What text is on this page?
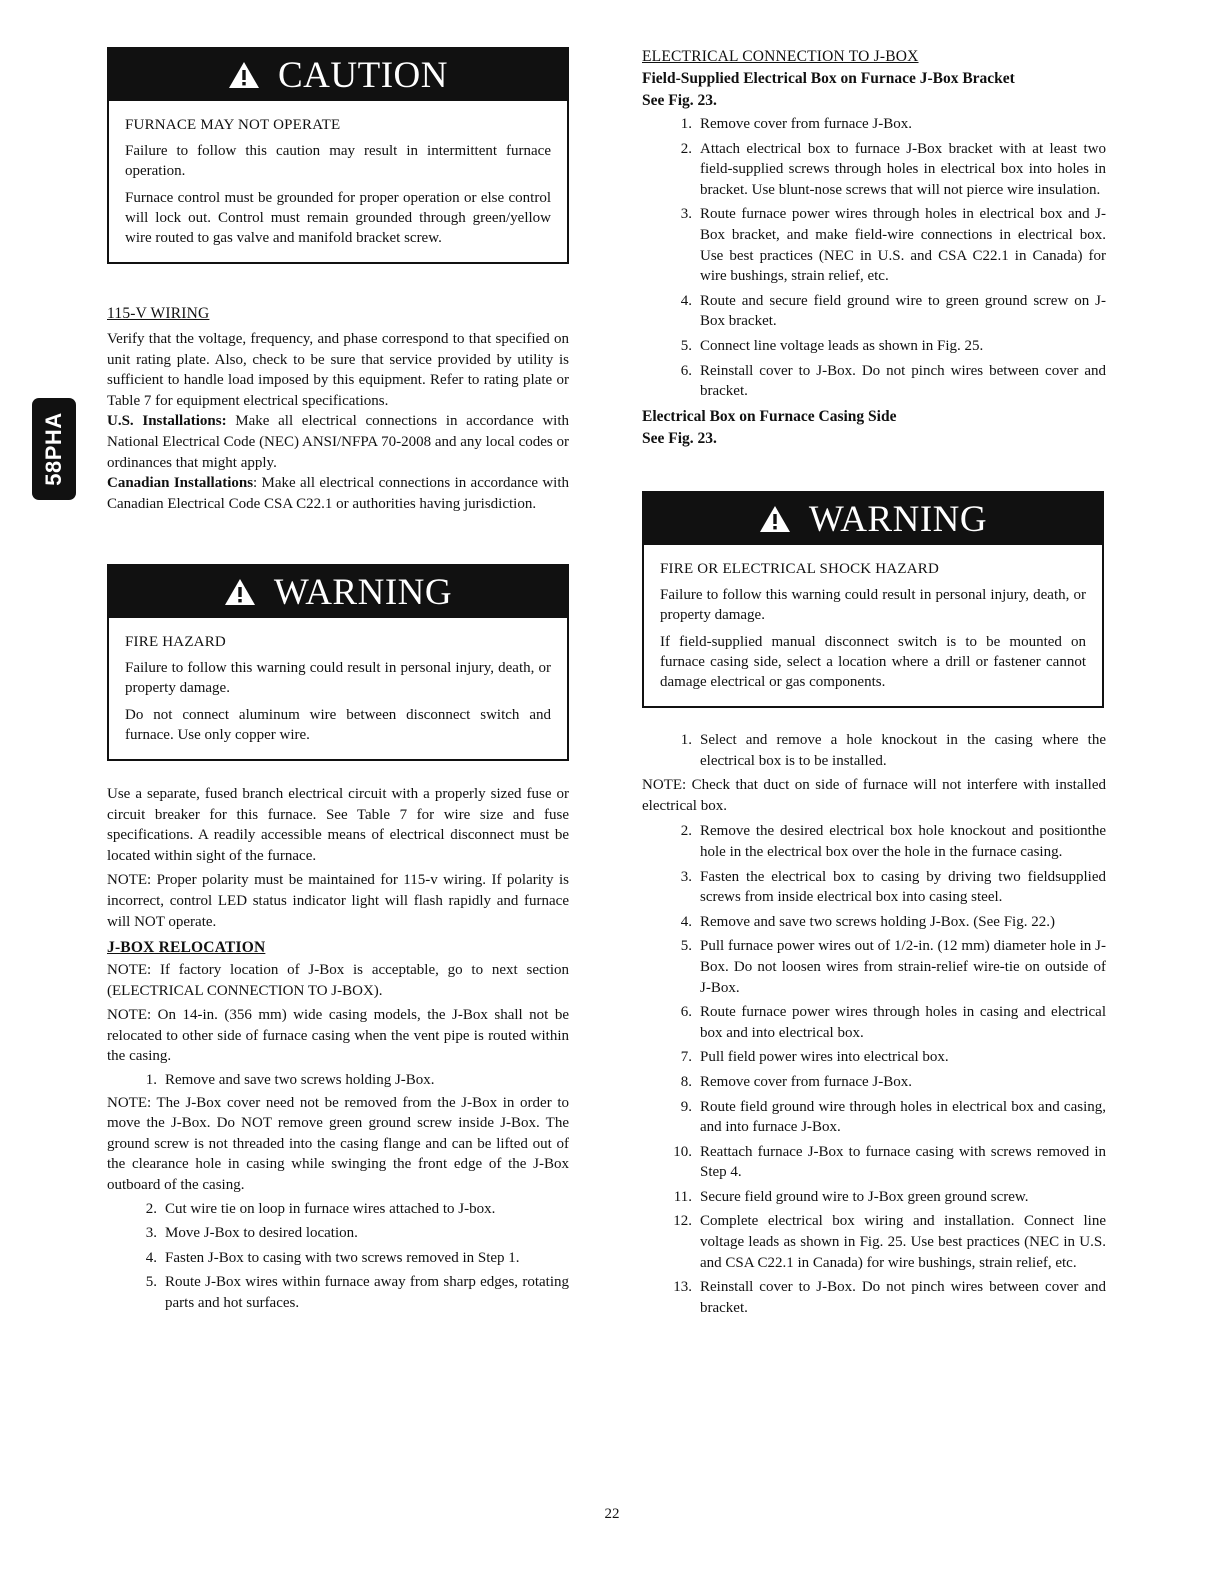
58PHA
CAUTION

FURNACE MAY NOT OPERATE

Failure to follow this caution may result in intermittent furnace operation.

Furnace control must be grounded for proper operation or else control will lock out. Control must remain grounded through green/yellow wire routed to gas valve and manifold bracket screw.

115-V WIRING

Verify that the voltage, frequency, and phase correspond to that specified on unit rating plate. Also, check to be sure that service provided by utility is sufficient to handle load imposed by this equipment. Refer to rating plate or Table 7 for equipment electrical specifications.

U.S. Installations: Make all electrical connections in accordance with National Electrical Code (NEC) ANSI/NFPA 70-2008 and any local codes or ordinances that might apply.

Canadian Installations: Make all electrical connections in accordance with Canadian Electrical Code CSA C22.1 or authorities having jurisdiction.

WARNING

FIRE HAZARD

Failure to follow this warning could result in personal injury, death, or property damage.

Do not connect aluminum wire between disconnect switch and furnace. Use only copper wire.

Use a separate, fused branch electrical circuit with a properly sized fuse or circuit breaker for this furnace. See Table 7 for wire size and fuse specifications. A readily accessible means of electrical disconnect must be located within sight of the furnace.

NOTE: Proper polarity must be maintained for 115-v wiring. If polarity is incorrect, control LED status indicator light will flash rapidly and furnace will NOT operate.

J-BOX RELOCATION

NOTE: If factory location of J-Box is acceptable, go to next section (ELECTRICAL CONNECTION TO J-BOX).

NOTE: On 14-in. (356 mm) wide casing models, the J-Box shall not be relocated to other side of furnace casing when the vent pipe is routed within the casing.

1. Remove and save two screws holding J-Box.

NOTE: The J-Box cover need not be removed from the J-Box in order to move the J-Box. Do NOT remove green ground screw inside J-Box. The ground screw is not threaded into the casing flange and can be lifted out of the clearance hole in casing while swinging the front edge of the J-Box outboard of the casing.

2. Cut wire tie on loop in furnace wires attached to J-box.
3. Move J-Box to desired location.
4. Fasten J-Box to casing with two screws removed in Step 1.
5. Route J-Box wires within furnace away from sharp edges, rotating parts and hot surfaces.

ELECTRICAL CONNECTION TO J-BOX

Field-Supplied Electrical Box on Furnace J-Box Bracket

See Fig. 23.

1. Remove cover from furnace J-Box.
2. Attach electrical box to furnace J-Box bracket with at least two field-supplied screws through holes in electrical box into holes in bracket. Use blunt-nose screws that will not pierce wire insulation.
3. Route furnace power wires through holes in electrical box and J-Box bracket, and make field-wire connections in electrical box. Use best practices (NEC in U.S. and CSA C22.1 in Canada) for wire bushings, strain relief, etc.
4. Route and secure field ground wire to green ground screw on J-Box bracket.
5. Connect line voltage leads as shown in Fig. 25.
6. Reinstall cover to J-Box. Do not pinch wires between cover and bracket.

Electrical Box on Furnace Casing Side

See Fig. 23.

WARNING

FIRE OR ELECTRICAL SHOCK HAZARD

Failure to follow this warning could result in personal injury, death, or property damage.

If field-supplied manual disconnect switch is to be mounted on furnace casing side, select a location where a drill or fastener cannot damage electrical or gas components.

1. Select and remove a hole knockout in the casing where the electrical box is to be installed.

NOTE: Check that duct on side of furnace will not interfere with installed electrical box.

2. Remove the desired electrical box hole knockout and positionthe hole in the electrical box over the hole in the furnace casing.
3. Fasten the electrical box to casing by driving two fieldsupplied screws from inside electrical box into casing steel.
4. Remove and save two screws holding J-Box. (See Fig. 22.)
5. Pull furnace power wires out of 1/2-in. (12 mm) diameter hole in J-Box. Do not loosen wires from strain-relief wire-tie on outside of J-Box.
6. Route furnace power wires through holes in casing and electrical box and into electrical box.
7. Pull field power wires into electrical box.
8. Remove cover from furnace J-Box.
9. Route field ground wire through holes in electrical box and casing, and into furnace J-Box.
10. Reattach furnace J-Box to furnace casing with screws removed in Step 4.
11. Secure field ground wire to J-Box green ground screw.
12. Complete electrical box wiring and installation. Connect line voltage leads as shown in Fig. 25. Use best practices (NEC in U.S. and CSA C22.1 in Canada) for wire bushings, strain relief, etc.
13. Reinstall cover to J-Box. Do not pinch wires between cover and bracket.
22
